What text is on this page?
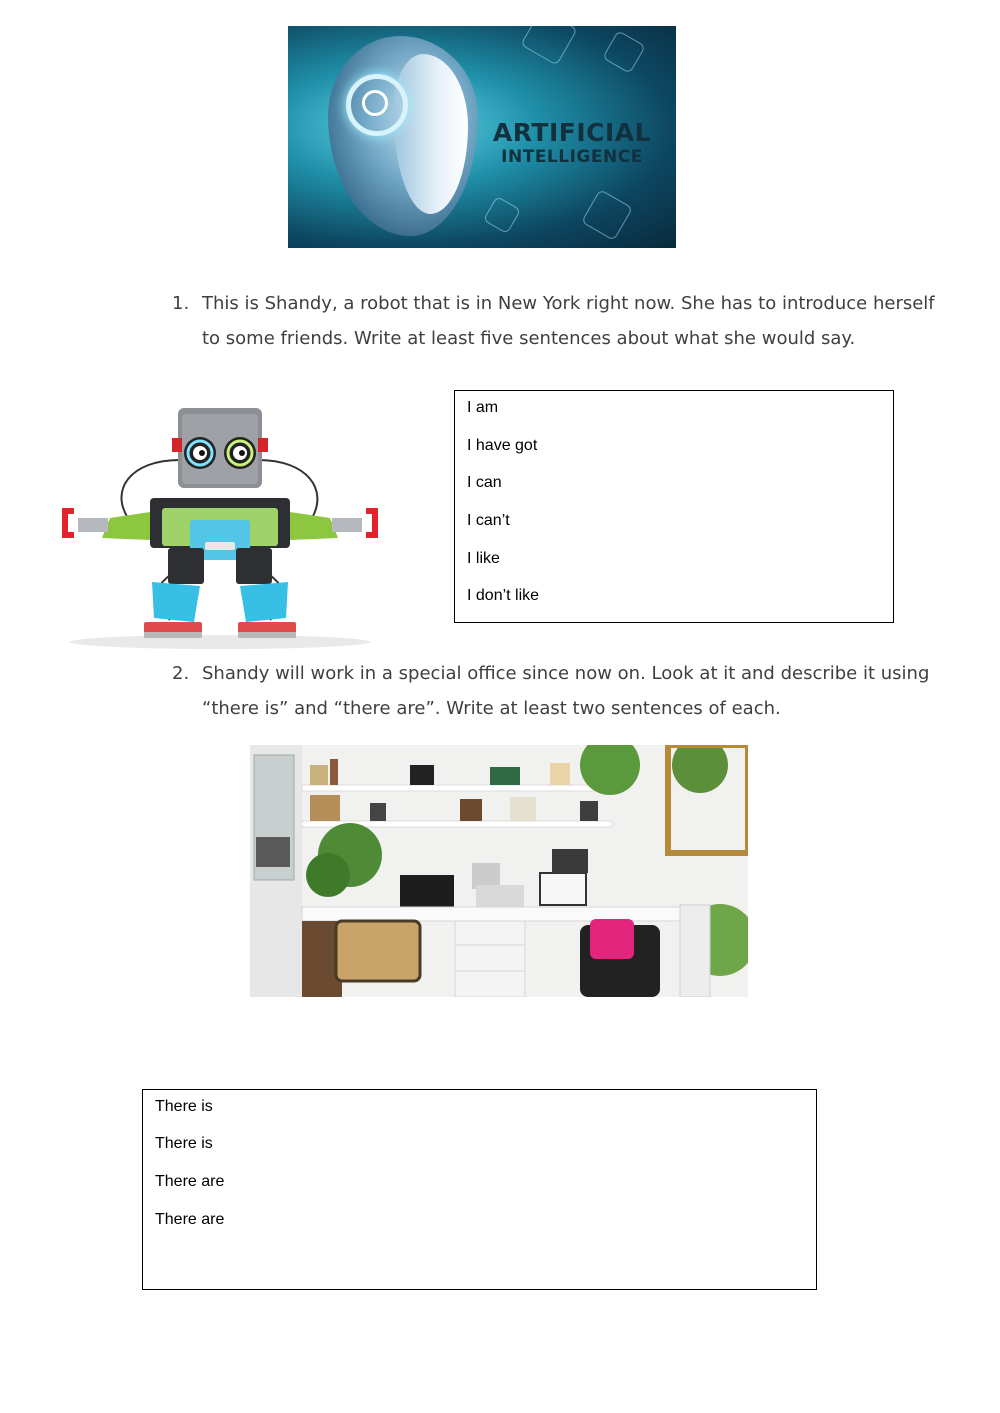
ARTIFICIAL
INTELLIGENCE
1. This is Shandy, a robot that is in New York right now. She has to introduce herself to some friends. Write at least five sentences about what she would say.
I am
I have got
I can
I can’t
I like
I don’t like
2. Shandy will work in a special office since now on. Look at it and describe it using “there is” and “there are”. Write at least two sentences of each.
There is
There is
There are
There are
